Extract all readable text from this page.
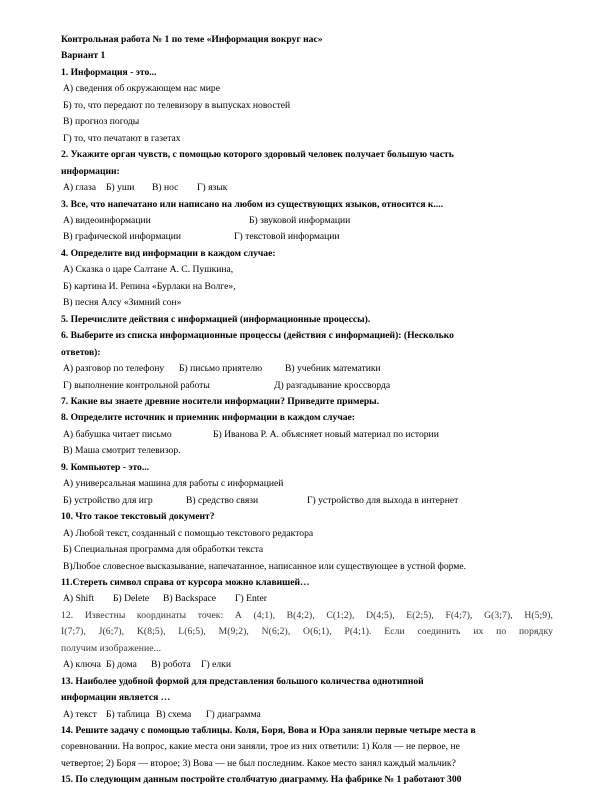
Контрольная работа № 1 по теме «Информация вокруг нас»
Вариант 1
1. Информация - это...
А) сведения об окружающем нас мире
Б) то, что передают по телевизору в выпусках новостей
В) прогноз погоды
Г) то, что печатают в газетах
2. Укажите орган чувств, с помощью которого здоровый человек получает большую часть
информации:
А) глаза Б) уши В) нос Г) язык
3. Все, что напечатано или написано на любом из существующих языков, относится к....
А) видеоинформации	Б) звуковой информации
В) графической информации	Г) текстовой информации
4. Определите вид информации в каждом случае:
А) Сказка о царе Салтане А. С. Пушкина,
Б) картина И. Репина «Бурлаки на Волге»,
В) песня Алсу «Зимний сон»
5. Перечислите действия с информацией (информационные процессы).
6. Выберите из списка информационные процессы (действия с информацией): (Несколько
ответов):
А) разговор по телефону Б) письмо приятелю В) учебник математики
Г) выполнение контрольной работы	Д) разгадывание кроссворда
7. Какие вы знаете древние носители информации? Приведите примеры.
8. Определите источник и приемник информации в каждом случае:
А) бабушка читает письмо	Б) Иванова Р. А. объясняет новый материал по истории
В) Маша смотрит телевизор.
9. Компьютер - это...
А) универсальная машина для работы с информацией
Б) устройство для игр	В) средство связи	Г) устройство для выхода в интернет
10. Что такое текстовый документ?
А) Любой текст, созданный с помощью текстового редактора
Б) Специальная программа для обработки текста
В)Любое словесное высказывание, напечатанное, написанное или существующее в устной форме.
11.Стереть символ справа от курсора можно клавишей…
А) Shift Б) Delete В) Backspace Г) Enter
12. Известны координаты точек: А (4;1), В(4;2), С(1;2), D(4;5), E(2;5), F(4;7), G(3;7), H(5;9),
I(7;7), J(6;7), K(8;5), L(6;5), M(9;2), N(6;2), O(6;1), P(4;1). Если соединить их по порядку
получим изображение...
А) ключа Б) дома В) робота Г) елки
13. Наиболее удобной формой для представления большого количества однотипной
информации является …
А) текст Б) таблица В) схема Г) диаграмма
14. Решите задачу с помощью таблицы. Коля, Боря, Вова и Юра заняли первые четыре места в
соревновании. На вопрос, какие места они заняли, трое из них ответили: 1) Коля — не первое, не
четвертое; 2) Боря — второе; 3) Вова — не был последним. Какое место занял каждый мальчик?
15. По следующим данным постройте столбчатую диаграмму. На фабрике № 1 работают 300
